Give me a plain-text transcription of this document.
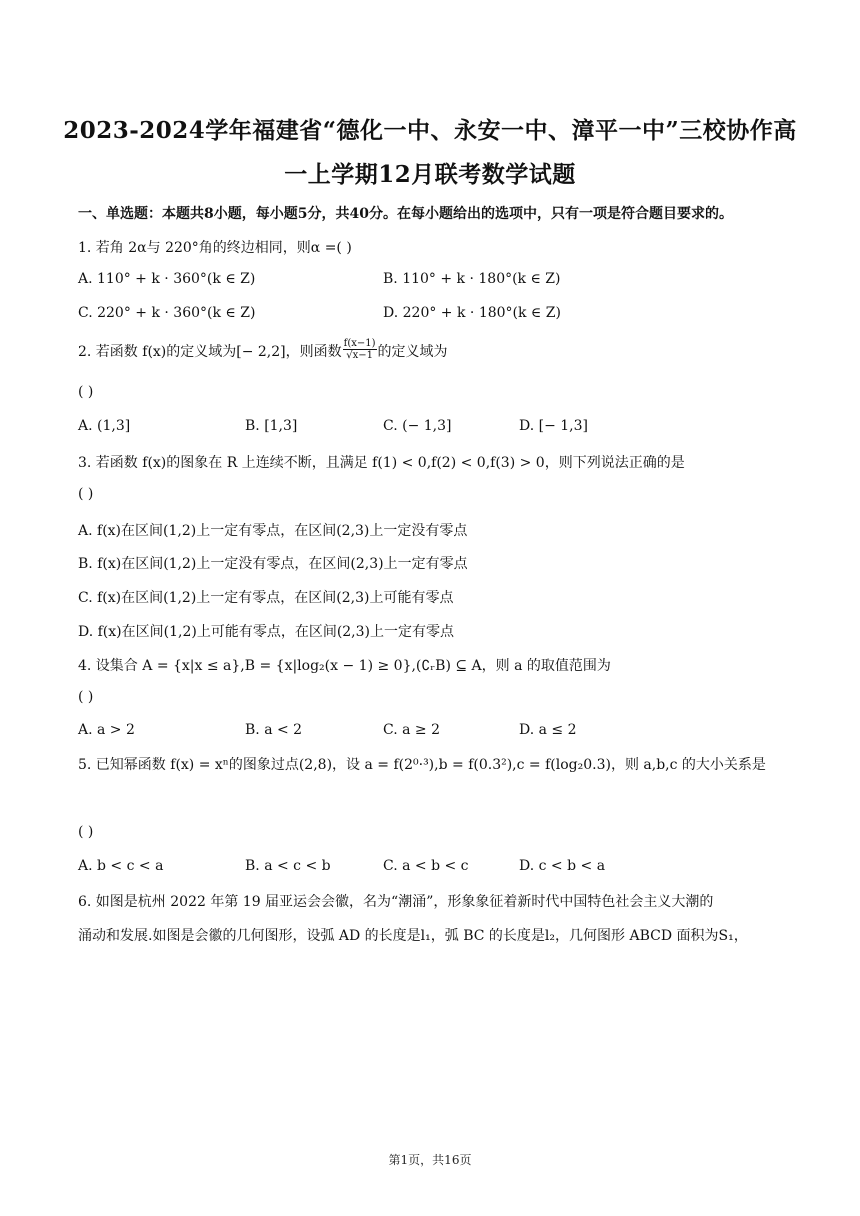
2023-2024学年福建省“德化一中、永安一中、漳平一中”三校协作高
一上学期12月联考数学试题
一、单选题：本题共8小题，每小题5分，共40分。在每小题给出的选项中，只有一项是符合题目要求的。
1. 若角 2α与 220°角的终边相同，则α =( )
A. 110° + k · 360°(k ∈ Z)	B. 110° + k · 180°(k ∈ Z)
C. 220° + k · 360°(k ∈ Z)	D. 220° + k · 180°(k ∈ Z)
2. 若函数 f(x)的定义域为[− 2,2]，则函数 $\frac{f(x-1)}{√x-1}$ 的定义域为
( )
A. (1,3]	B. [1,3]	C. (− 1,3]	D. [− 1,3]
3. 若函数 f(x)的图象在 R 上连续不断，且满足 f(1) < 0,f(2) < 0,f(3) > 0，则下列说法正确的是
( )
A. f(x)在区间(1,2)上一定有零点，在区间(2,3)上一定没有零点
B. f(x)在区间(1,2)上一定没有零点，在区间(2,3)上一定有零点
C. f(x)在区间(1,2)上一定有零点，在区间(2,3)上可能有零点
D. f(x)在区间(1,2)上可能有零点，在区间(2,3)上一定有零点
4. 设集合 A = {x|x ≤ a},B = {x|log₂(x − 1) ≥ 0},(∁ᵣB) ⊆ A，则 a 的取值范围为
( )
A. a > 2	B. a < 2	C. a ≥ 2	D. a ≤ 2
5. 已知幂函数 f(x) = xⁿ的图象过点(2,8)，设 a = f(2⁰·³),b = f(0.3²),c = f(log₂0.3)，则 a,b,c 的大小关系是
( )
A. b < c < a	B. a < c < b	C. a < b < c	D. c < b < a
6. 如图是杭州 2022 年第 19 届亚运会会徽，名为“潮涌”，形象象征着新时代中国特色社会主义大潮的
涌动和发展.如图是会徽的几何图形，设弧 AD 的长度是l₁，弧 BC 的长度是l₂，几何图形 ABCD 面积为S₁，
第1页，共16页
